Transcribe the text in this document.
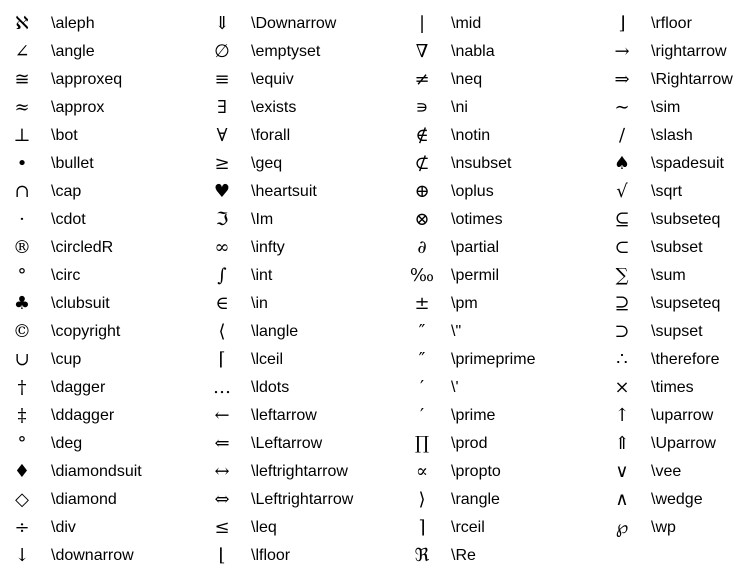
ℵ	\aleph
∠	\angle
≅	\approxeq
≈	\approx
⊥	\bot
•	\bullet
∩	\cap
·	\cdot
®	\circledR
°	\circ
♣	\clubsuit
©	\copyright
∪	\cup
†	\dagger
‡	\ddagger
°	\deg
♦	\diamondsuit
◇	\diamond
÷	\div
↓	\downarrow
⇓	\Downarrow
∅	\emptyset
≡	\equiv
∃	\exists
∀	\forall
≥	\geq
♥	\heartsuit
ℑ	\Im
∞	\infty
∫	\int
∈	\in
⟨	\langle
⌈	\lceil
…	\ldots
←	\leftarrow
⇐	\Leftarrow
↔	\leftrightarrow
⇔	\Leftrightarrow
≤	\leq
⌊	\lfloor
|	\mid
∇	\nabla
≠	\neq
∍	\ni
∉	\notin
⊄	\nsubset
⊕	\oplus
⊗	\otimes
∂	\partial
‰	\permil
±	\pm
″	\"
″	\primeprime
′	\'
′	\prime
∏	\prod
∝	\propto
⟩	\rangle
⌉	\rceil
ℜ	\Re
⌋	\rfloor
→	\rightarrow
⇒	\Rightarrow
∼	\sim
∕	\slash
♠	\spadesuit
√	\sqrt
⊆	\subseteq
⊂	\subset
∑	\sum
⊇	\supseteq
⊃	\supset
∴	\therefore
×	\times
↑	\uparrow
⇑	\Uparrow
∨	\vee
∧	\wedge
℘	\wp
